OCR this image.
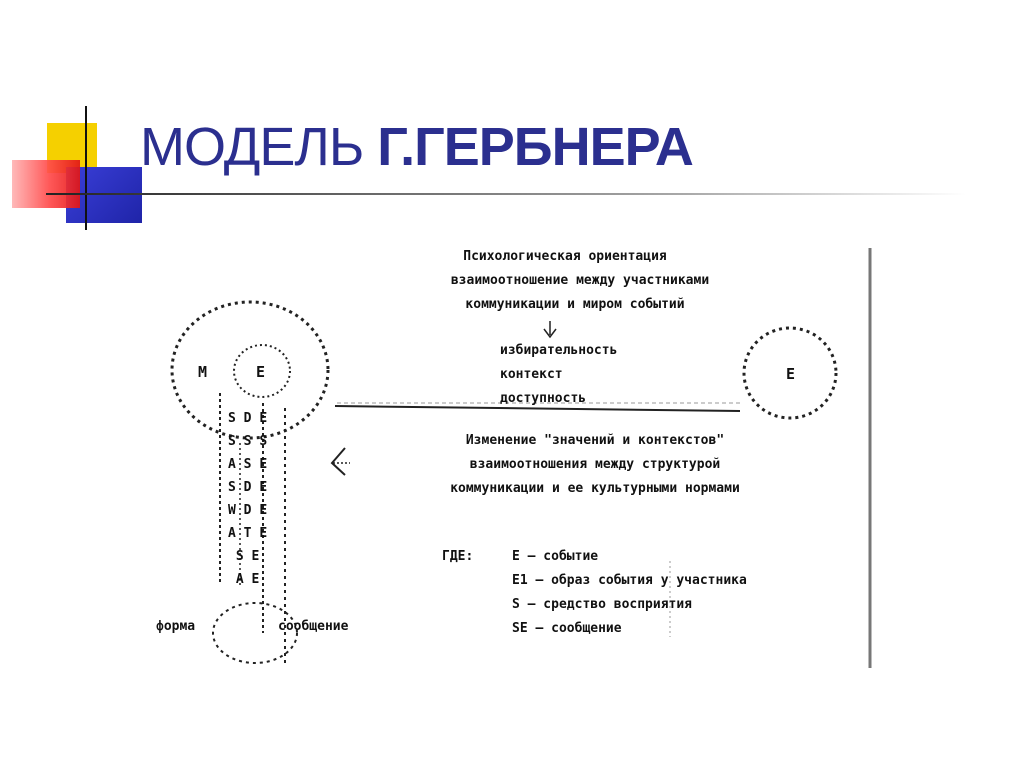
МОДЕЛЬ Г.ГЕРБНЕРА
Психологическая ориентация
взаимоотношение между участниками
коммуникации и миром событий
избирательность
контекст
доступность
М	Е	Е
Изменение "значений и контекстов"
взаимоотношения между структурой
коммуникации и ее культурными нормами
S D E
S S S
A S E
S D E
W D E
A T E
S E
A E
форма	сообщение
ГДЕ:	Е – событие
Е1 – образ события у участника
S – средство восприятия
SE – сообщение
